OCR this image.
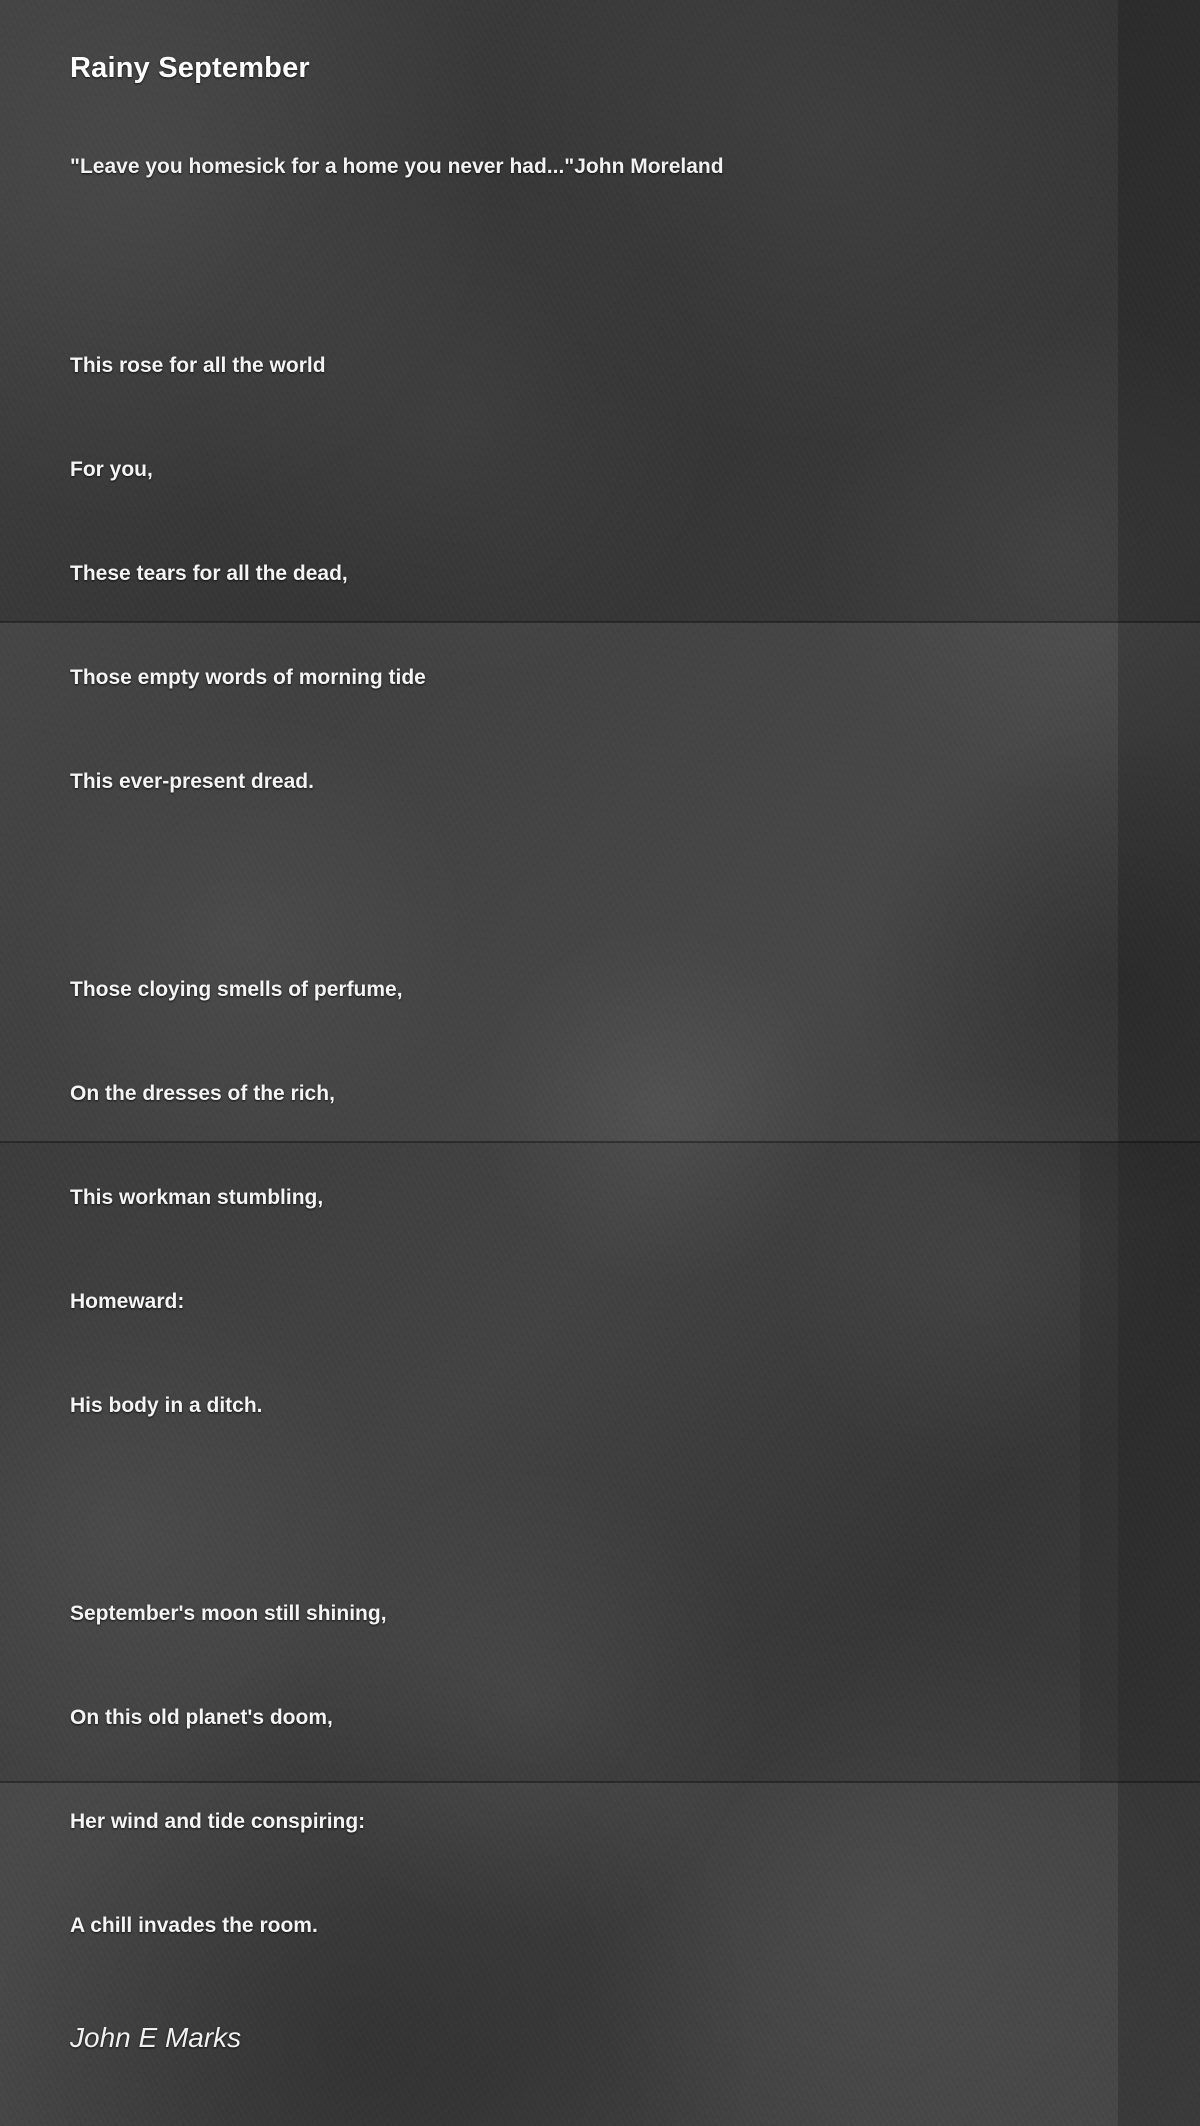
Rainy September

"Leave you homesick for a home you never had..."John Moreland

This rose for all the world

For you,

These tears for all the dead,

Those empty words of morning tide

This ever-present dread.

Those cloying smells of perfume,

On the dresses of the rich,

This workman stumbling,

Homeward:

His body in a ditch.

September's moon still shining,

On this old planet's doom,

Her wind and tide conspiring:

A chill invades the room.

John E Marks
